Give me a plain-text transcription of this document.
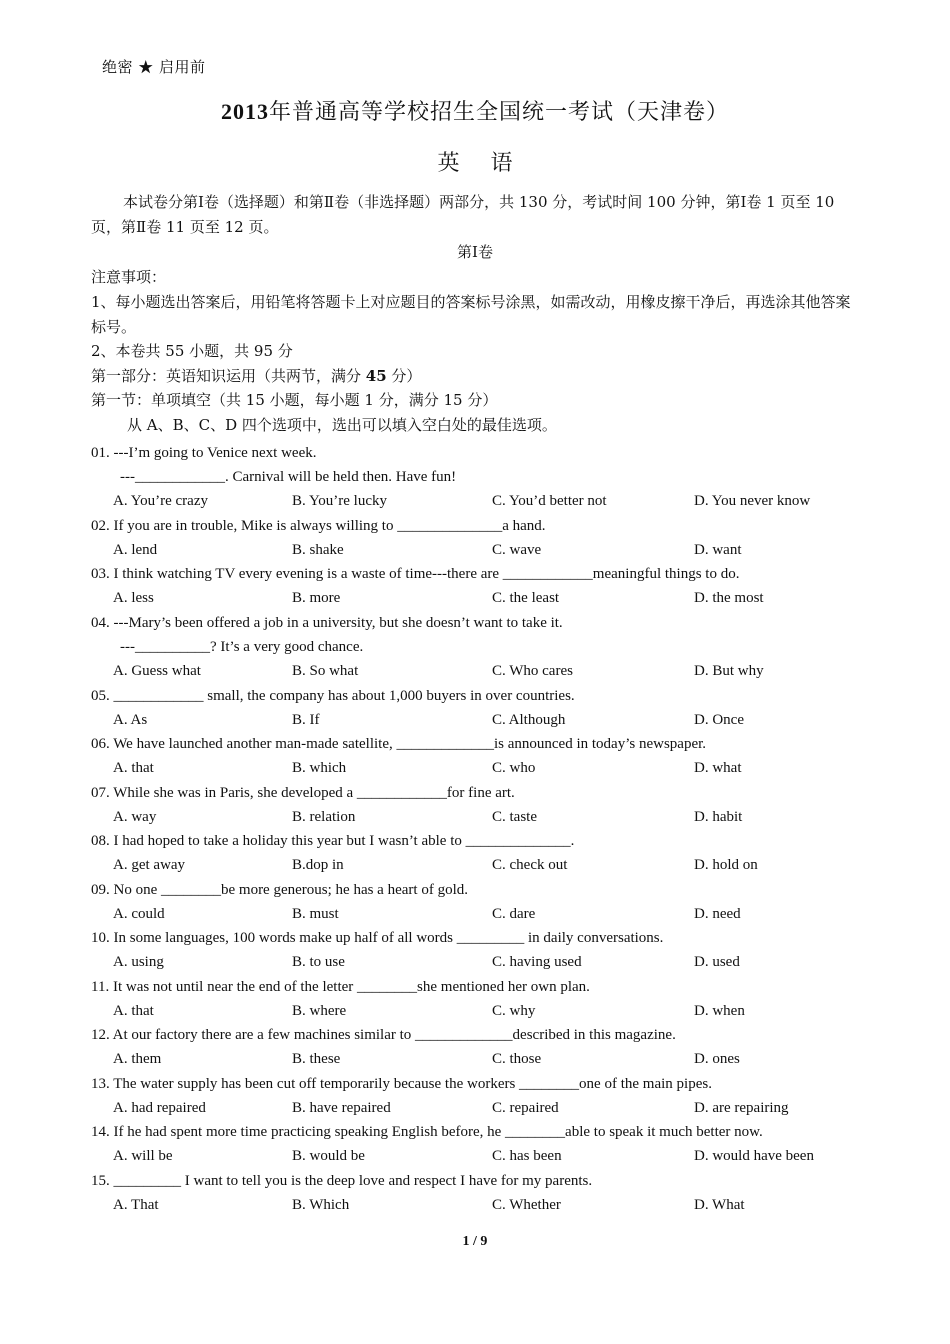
绝密 ★ 启用前
2013年普通高等学校招生全国统一考试（天津卷）
英 语
本试卷分第Ⅰ卷（选择题）和第Ⅱ卷（非选择题）两部分，共 130 分，考试时间 100 分钟，第Ⅰ卷 1 页至 10 页，第Ⅱ卷 11 页至 12 页。
第Ⅰ卷
注意事项：
1、每小题选出答案后，用铅笔将答题卡上对应题目的答案标号涂黑，如需改动，用橡皮擦干净后，再选涂其他答案标号。
2、本卷共 55 小题，共 95 分
第一部分：英语知识运用（共两节，满分 45 分）
第一节：单项填空（共 15 小题，每小题 1 分，满分 15 分）
从 A、B、C、D 四个选项中，选出可以填入空白处的最佳选项。
01. ---I’m going to Venice next week.
---____________. Carnival will be held then. Have fun!
A. You’re crazy	B. You’re lucky	C. You’d better not	D. You never know
02. If you are in trouble, Mike is always willing to ______________a hand.
A. lend	B. shake	C. wave	D. want
03. I think watching TV every evening is a waste of time---there are ____________meaningful things to do.
A. less	B. more	C. the least	D. the most
04. ---Mary’s been offered a job in a university, but she doesn’t want to take it.
---__________? It’s a very good chance.
A. Guess what	B. So what	C. Who cares	D. But why
05. ____________ small, the company has about 1,000 buyers in over countries.
A. As	B. If	C. Although	D. Once
06. We have launched another man-made satellite, _____________is announced in today’s newspaper.
A. that	B. which	C. who	D. what
07. While she was in Paris, she developed a ____________for fine art.
A. way	B. relation	C. taste	D. habit
08. I had hoped to take a holiday this year but I wasn’t able to ______________.
A. get away	B.dop in	C. check out	D. hold on
09. No one ________be more generous; he has a heart of gold.
A. could	B. must	C. dare	D. need
10. In some languages, 100 words make up half of all words _________ in daily conversations.
A. using	B. to use	C. having used	D. used
11. It was not until near the end of the letter ________she mentioned her own plan.
A. that	B. where	C. why	D. when
12. At our factory there are a few machines similar to _____________described in this magazine.
A. them	B. these	C. those	D. ones
13. The water supply has been cut off temporarily because the workers ________one of the main pipes.
A. had repaired	B. have repaired	C. repaired	D. are repairing
14. If he had spent more time practicing speaking English before, he ________able to speak it much better now.
A. will be	B. would be	C. has been	D. would have been
15. _________ I want to tell you is the deep love and respect I have for my parents.
A. That	B. Which	C. Whether	D. What
1 / 9
